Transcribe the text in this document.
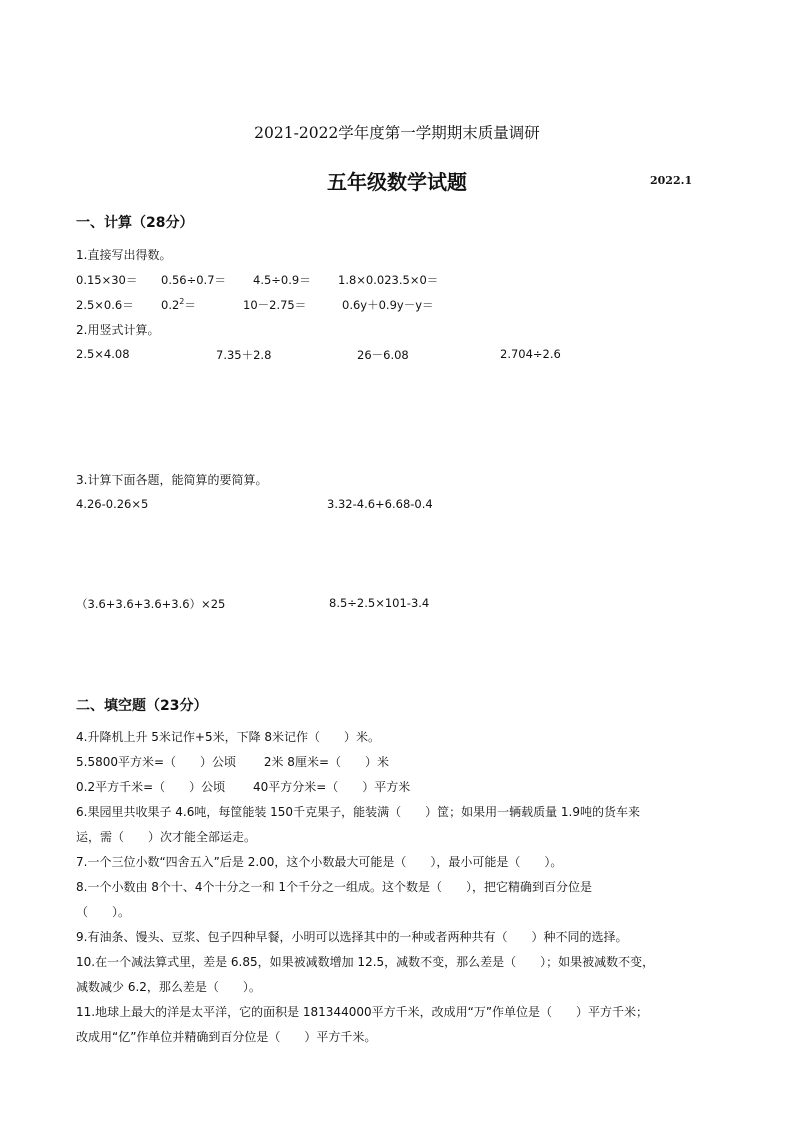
2021-2022学年度第一学期期末质量调研
五年级数学试题	2022.1
一、计算（28分）
1.直接写出得数。
0.15×30＝ 0.56÷0.7＝ 4.5÷0.9＝ 1.8×0.023.5×0＝
$2.5\times 0.6= 0.2^2=$	10－2.75＝	0.6y＋0.9y－y＝
2.用竖式计算。
2.5×4.08	7.35＋2.8	26－6.08	2.704÷2.6
3.计算下面各题，能简算的要简算。
4.26-0.26×5	3.32-4.6+6.68-0.4
（3.6+3.6+3.6+3.6）×25	8.5÷2.5×101-3.4
二、填空题（23分）
4.升降机上升 5米记作+5米，下降 8米记作（　　）米。
5.5800平方米=（　　）公顷　　 2米 8厘米=（　　）米
0.2平方千米=（　　）公顷　　 40平方分米=（　　）平方米
6.果园里共收果子 4.6吨，每筐能装 150千克果子，能装满（　　）筐；如果用一辆载质量 1.9吨的货车来
运，需（　　）次才能全部运走。
7.一个三位小数“四舍五入”后是 2.00，这个小数最大可能是（　　），最小可能是（　　）。
8.一个小数由 8个十、4个十分之一和 1个千分之一组成。这个数是（　　），把它精确到百分位是
（　　）。
9.有油条、馒头、豆浆、包子四种早餐，小明可以选择其中的一种或者两种共有（　　）种不同的选择。
10.在一个减法算式里，差是 6.85，如果被减数增加 12.5，减数不变，那么差是（　　）；如果被减数不变，
减数减少 6.2，那么差是（　　）。
11.地球上最大的洋是太平洋，它的面积是 181344000平方千米，改成用“万”作单位是（　　）平方千米；
改成用“亿”作单位并精确到百分位是（　　）平方千米。
